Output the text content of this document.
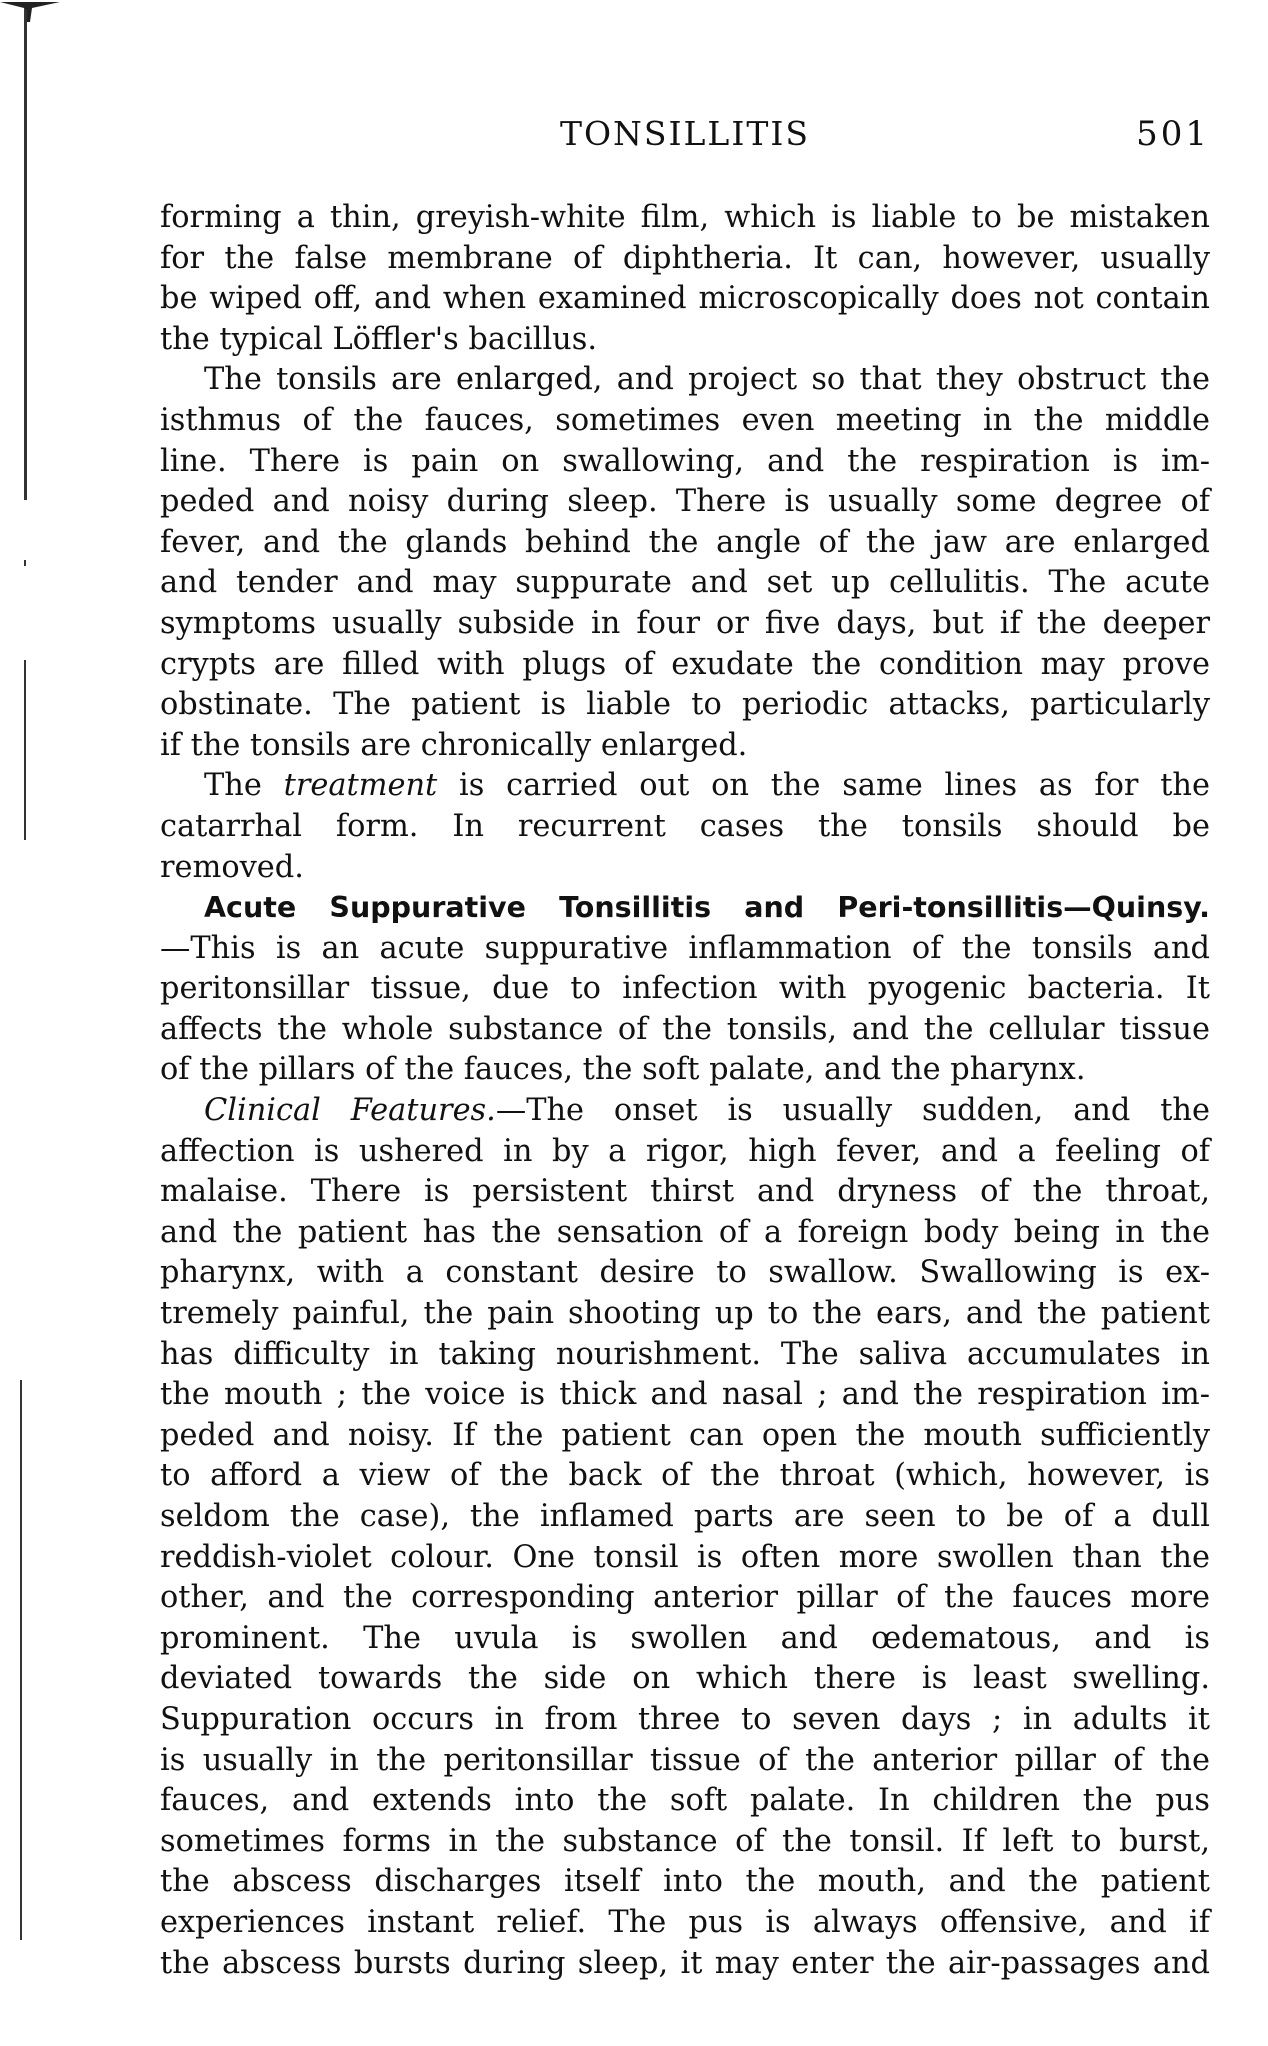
TONSILLITIS	501
forming a thin, greyish-white film, which is liable to be mistaken
for the false membrane of diphtheria. It can, however, usually
be wiped off, and when examined microscopically does not contain
the typical Löffler's bacillus.
The tonsils are enlarged, and project so that they obstruct the
isthmus of the fauces, sometimes even meeting in the middle
line. There is pain on swallowing, and the respiration is im-
peded and noisy during sleep. There is usually some degree of
fever, and the glands behind the angle of the jaw are enlarged
and tender and may suppurate and set up cellulitis. The acute
symptoms usually subside in four or five days, but if the deeper
crypts are filled with plugs of exudate the condition may prove
obstinate. The patient is liable to periodic attacks, particularly
if the tonsils are chronically enlarged.
The treatment is carried out on the same lines as for the
catarrhal form. In recurrent cases the tonsils should be
removed.
Acute Suppurative Tonsillitis and Peri-tonsillitis—Quinsy.
—This is an acute suppurative inflammation of the tonsils and
peritonsillar tissue, due to infection with pyogenic bacteria. It
affects the whole substance of the tonsils, and the cellular tissue
of the pillars of the fauces, the soft palate, and the pharynx.
Clinical Features.—The onset is usually sudden, and the
affection is ushered in by a rigor, high fever, and a feeling of
malaise. There is persistent thirst and dryness of the throat,
and the patient has the sensation of a foreign body being in the
pharynx, with a constant desire to swallow. Swallowing is ex-
tremely painful, the pain shooting up to the ears, and the patient
has difficulty in taking nourishment. The saliva accumulates in
the mouth ; the voice is thick and nasal ; and the respiration im-
peded and noisy. If the patient can open the mouth sufficiently
to afford a view of the back of the throat (which, however, is
seldom the case), the inflamed parts are seen to be of a dull
reddish-violet colour. One tonsil is often more swollen than the
other, and the corresponding anterior pillar of the fauces more
prominent. The uvula is swollen and œdematous, and is
deviated towards the side on which there is least swelling.
Suppuration occurs in from three to seven days ; in adults it
is usually in the peritonsillar tissue of the anterior pillar of the
fauces, and extends into the soft palate. In children the pus
sometimes forms in the substance of the tonsil. If left to burst,
the abscess discharges itself into the mouth, and the patient
experiences instant relief. The pus is always offensive, and if
the abscess bursts during sleep, it may enter the air-passages and
